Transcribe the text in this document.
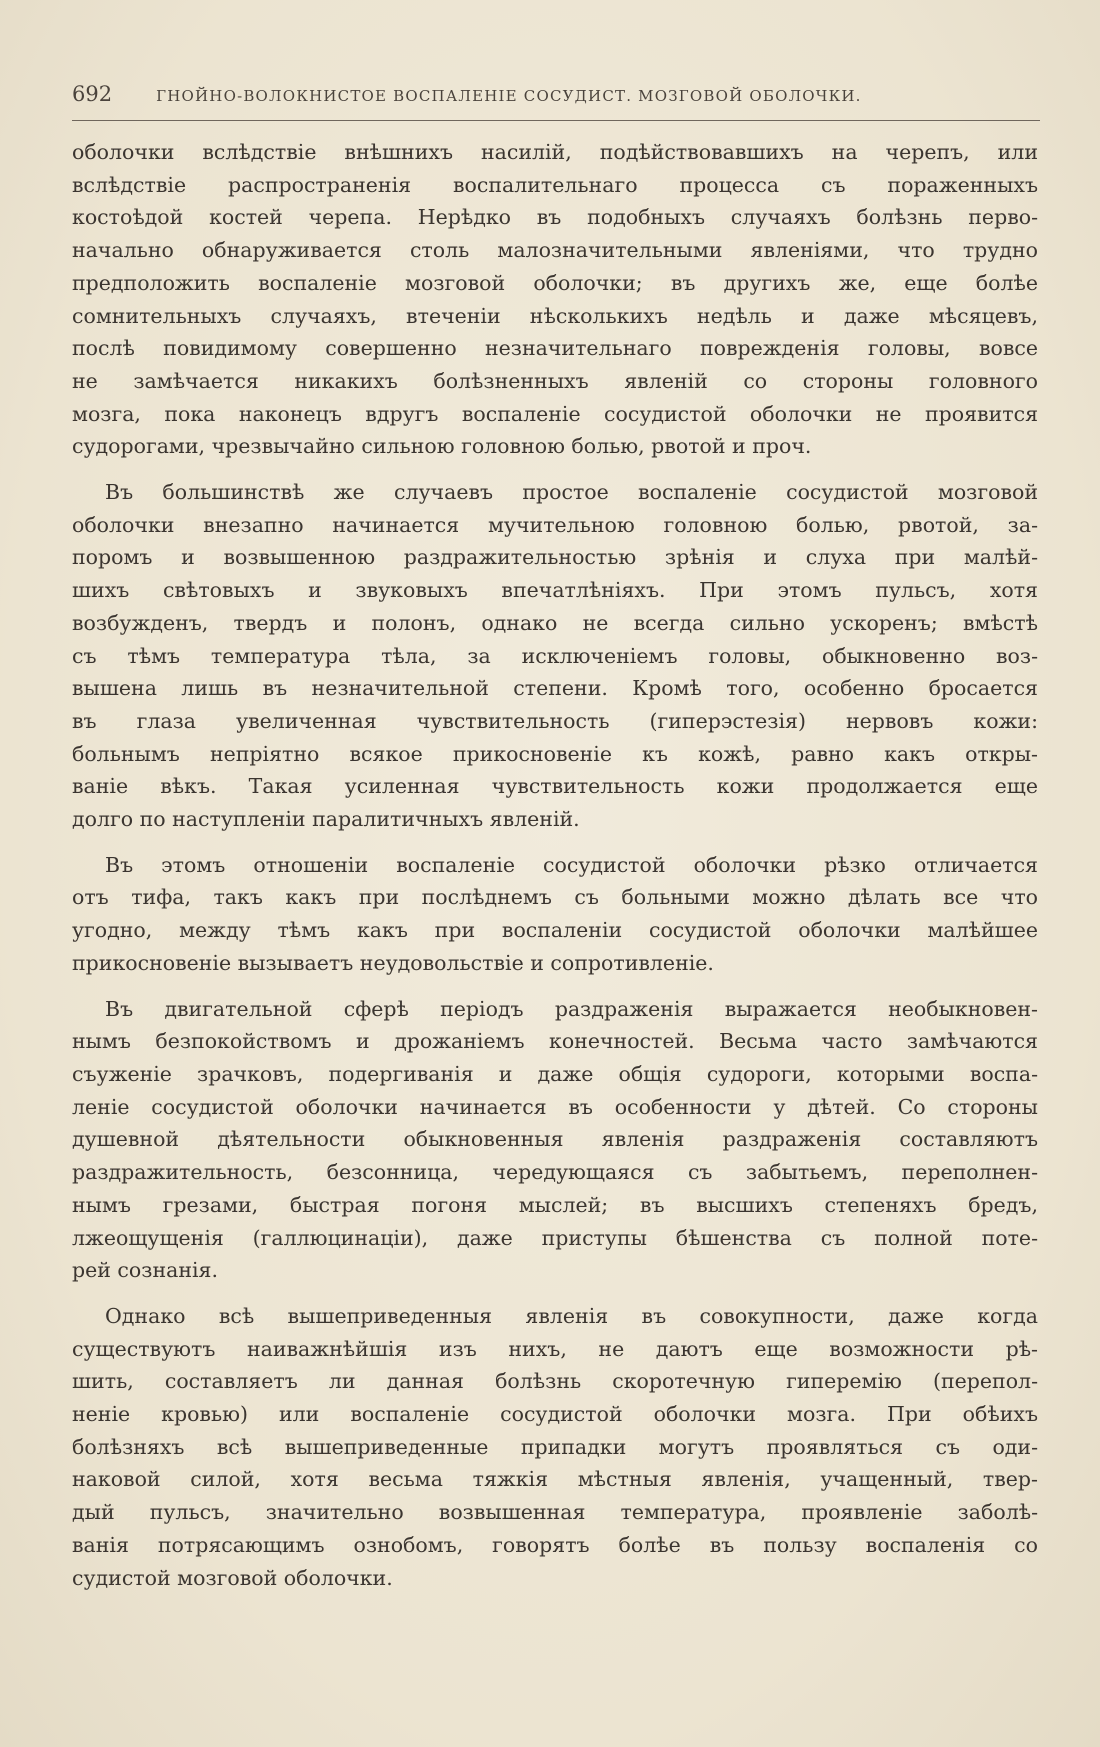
692	ГНОЙНО-ВОЛОКНИСТОЕ ВОСПАЛЕНІЕ СОСУДИСТ. МОЗГОВОЙ ОБОЛОЧКИ.

оболочки вслѣдствіе внѣшнихъ насилій, подѣйствовавшихъ на черепъ, или
вслѣдствіе распространенія воспалительнаго процесса съ пораженныхъ
костоѣдой костей черепа. Нерѣдко въ подобныхъ случаяхъ болѣзнь перво-
начально обнаруживается столь малозначительными явленіями, что трудно
предположить воспаленіе мозговой оболочки; въ другихъ же, еще болѣе
сомнительныхъ случаяхъ, втеченіи нѣсколькихъ недѣль и даже мѣсяцевъ,
послѣ повидимому совершенно незначительнаго поврежденія головы, вовсе
не замѣчается никакихъ болѣзненныхъ явленій со стороны головного
мозга, пока наконецъ вдругъ воспаленіе сосудистой оболочки не проявится
судорогами, чрезвычайно сильною головною болью, рвотой и проч.

Въ большинствѣ же случаевъ простое воспаленіе сосудистой мозговой
оболочки внезапно начинается мучительною головною болью, рвотой, за-
поромъ и возвышенною раздражительностью зрѣнія и слуха при малѣй-
шихъ свѣтовыхъ и звуковыхъ впечатлѣніяхъ. При этомъ пульсъ, хотя
возбужденъ, твердъ и полонъ, однако не всегда сильно ускоренъ; вмѣстѣ
съ тѣмъ температура тѣла, за исключеніемъ головы, обыкновенно воз-
вышена лишь въ незначительной степени. Кромѣ того, особенно бросается
въ глаза увеличенная чувствительность (гиперэстезія) нервовъ кожи:
больнымъ непріятно всякое прикосновеніе къ кожѣ, равно какъ откры-
ваніе вѣкъ. Такая усиленная чувствительность кожи продолжается еще
долго по наступленіи паралитичныхъ явленій.

Въ этомъ отношеніи воспаленіе сосудистой оболочки рѣзко отличается
отъ тифа, такъ какъ при послѣднемъ съ больными можно дѣлать все что
угодно, между тѣмъ какъ при воспаленіи сосудистой оболочки малѣйшее
прикосновеніе вызываетъ неудовольствіе и сопротивленіе.

Въ двигательной сферѣ періодъ раздраженія выражается необыкновен-
нымъ безпокойствомъ и дрожаніемъ конечностей. Весьма часто замѣчаются
съуженіе зрачковъ, подергиванія и даже общія судороги, которыми воспа-
леніе сосудистой оболочки начинается въ особенности у дѣтей. Со стороны
душевной дѣятельности обыкновенныя явленія раздраженія составляютъ
раздражительность, безсонница, чередующаяся съ забытьемъ, переполнен-
нымъ грезами, быстрая погоня мыслей; въ высшихъ степеняхъ бредъ,
лжеощущенія (галлюцинаціи), даже приступы бѣшенства съ полной поте-
рей сознанія.

Однако всѣ вышеприведенныя явленія въ совокупности, даже когда
существуютъ наиважнѣйшія изъ нихъ, не даютъ еще возможности рѣ-
шить, составляетъ ли данная болѣзнь скоротечную гиперемію (перепол-
неніе кровью) или воспаленіе сосудистой оболочки мозга. При обѣихъ
болѣзняхъ всѣ вышеприведенные припадки могутъ проявляться съ оди-
наковой силой, хотя весьма тяжкія мѣстныя явленія, учащенный, твер-
дый пульсъ, значительно возвышенная температура, проявленіе заболѣ-
ванія потрясающимъ ознобомъ, говорятъ болѣе въ пользу воспаленія со
судистой мозговой оболочки.
